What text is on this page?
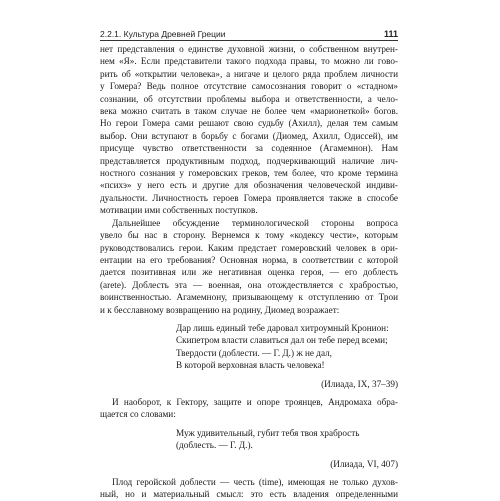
2.2.1. Культура Древней Греции	111
нет представления о единстве духовной жизни, о собственном внутрен-
нем «Я». Если представители такого подхода правы, то можно ли гово-
рить об «открытии человека», а нигаче и целого ряда проблем личности
у Гомера? Ведь полное отсутствие самосознания говорит о «стадном»
сознании, об отсутствии проблемы выбора и ответственности, а чело-
века можно считать в таком случае не более чем «марионеткой» богов.
Но герои Гомера сами решают свою судьбу (Ахилл), делая тем самым
выбор. Они вступают в борьбу с богами (Диомед, Ахилл, Одиссей), им
присуще чувство ответственности за содеянное (Агамемнон). Нам
представляется продуктивным подход, подчеркивающий наличие лич-
ностного сознания у гомеровских греков, тем более, что кроме термина
«психэ» у него есть и другие для обозначения человеческой индиви-
дуальности. Личностность героев Гомера проявляется также в способе
мотивации ими собственных поступков.
Дальнейшее обсуждение терминологической стороны вопроса
увело бы нас в сторону. Вернемся к тому «кодексу чести», которым
руководствовались герои. Каким предстает гомеровский человек в ори-
ентации на его требования? Основная норма, в соответствии с которой
дается позитивная или же негативная оценка героя, — его доблесть
(arete). Доблесть эта — военная, она отождествляется с храбростью,
воинственностью. Агамемнону, призывающему к отступлению от Трои
и к бесславному возвращению на родину, Диомед возражает:
Дар лишь единый тебе даровал хитроумный Кронион:
Скипетром власти славиться дал он тебе перед всеми;
Твердости (доблести. — Г. Д.) ж не дал,
В которой верховная власть человека!
(Илиада, IX, 37–39)
И наоборот, к Гектору, защите и опоре троянцев, Андромаха обра-
щается со словами:
Муж удивительный, губит тебя твоя храбрость
(доблесть. — Г. Д.).
(Илиада, VI, 407)
Плод геройской доблести — честь (time), имеющая не только духов-
ный, но и материальный смысл: это есть владения определенными
